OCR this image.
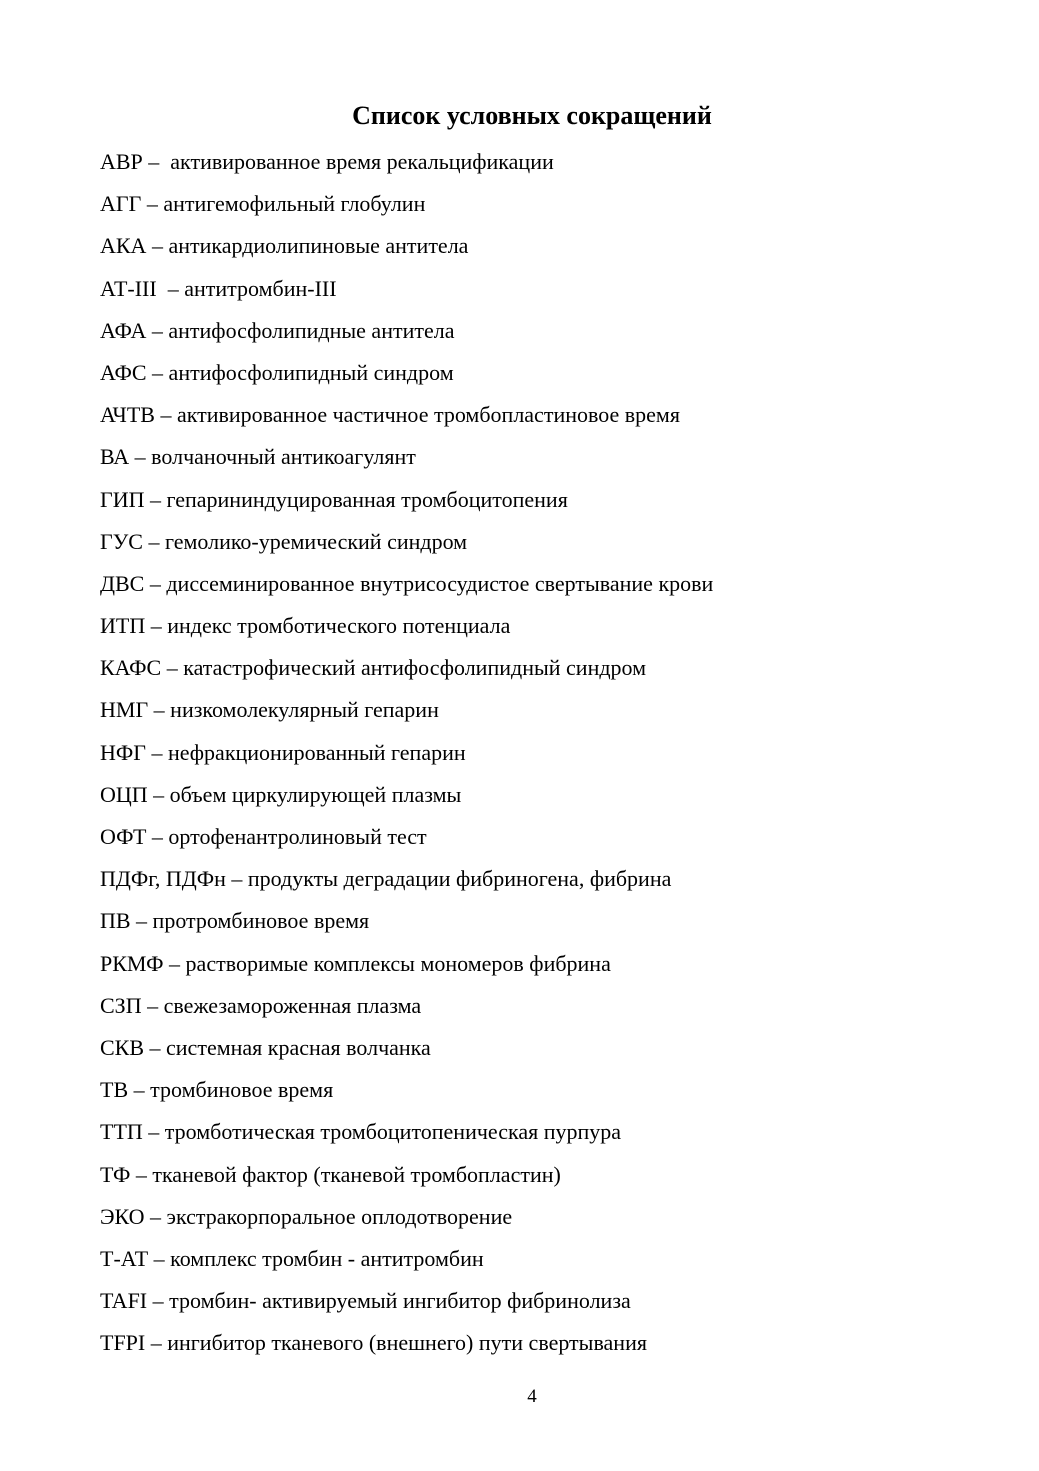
Список условных сокращений
АВР –  активированное время рекальцификации
АГГ – антигемофильный глобулин
АКА – антикардиолипиновые антитела
АТ-III  – антитромбин-III
АФА – антифосфолипидные антитела
АФС – антифосфолипидный синдром
АЧТВ – активированное частичное тромбопластиновое время
ВА – волчаночный антикоагулянт
ГИП – гепарининдуцированная тромбоцитопения
ГУС – гемолико-уремический синдром
ДВС – диссеминированное внутрисосудистое свертывание крови
ИТП – индекс тромботического потенциала
КАФС – катастрофический антифосфолипидный синдром
НМГ – низкомолекулярный гепарин
НФГ – нефракционированный гепарин
ОЦП – объем циркулирующей плазмы
ОФТ – ортофенантролиновый тест
ПДФг, ПДФн – продукты деградации фибриногена, фибрина
ПВ – протромбиновое время
РКМФ – растворимые комплексы мономеров фибрина
СЗП – свежезамороженная плазма
СКВ – системная красная волчанка
ТВ – тромбиновое время
ТТП – тромботическая тромбоцитопеническая пурпура
ТФ – тканевой фактор (тканевой тромбопластин)
ЭКО – экстракорпоральное оплодотворение
Т-АТ – комплекс тромбин - антитромбин
TAFI – тромбин- активируемый ингибитор фибринолиза
TFPI – ингибитор тканевого (внешнего) пути свертывания
4
